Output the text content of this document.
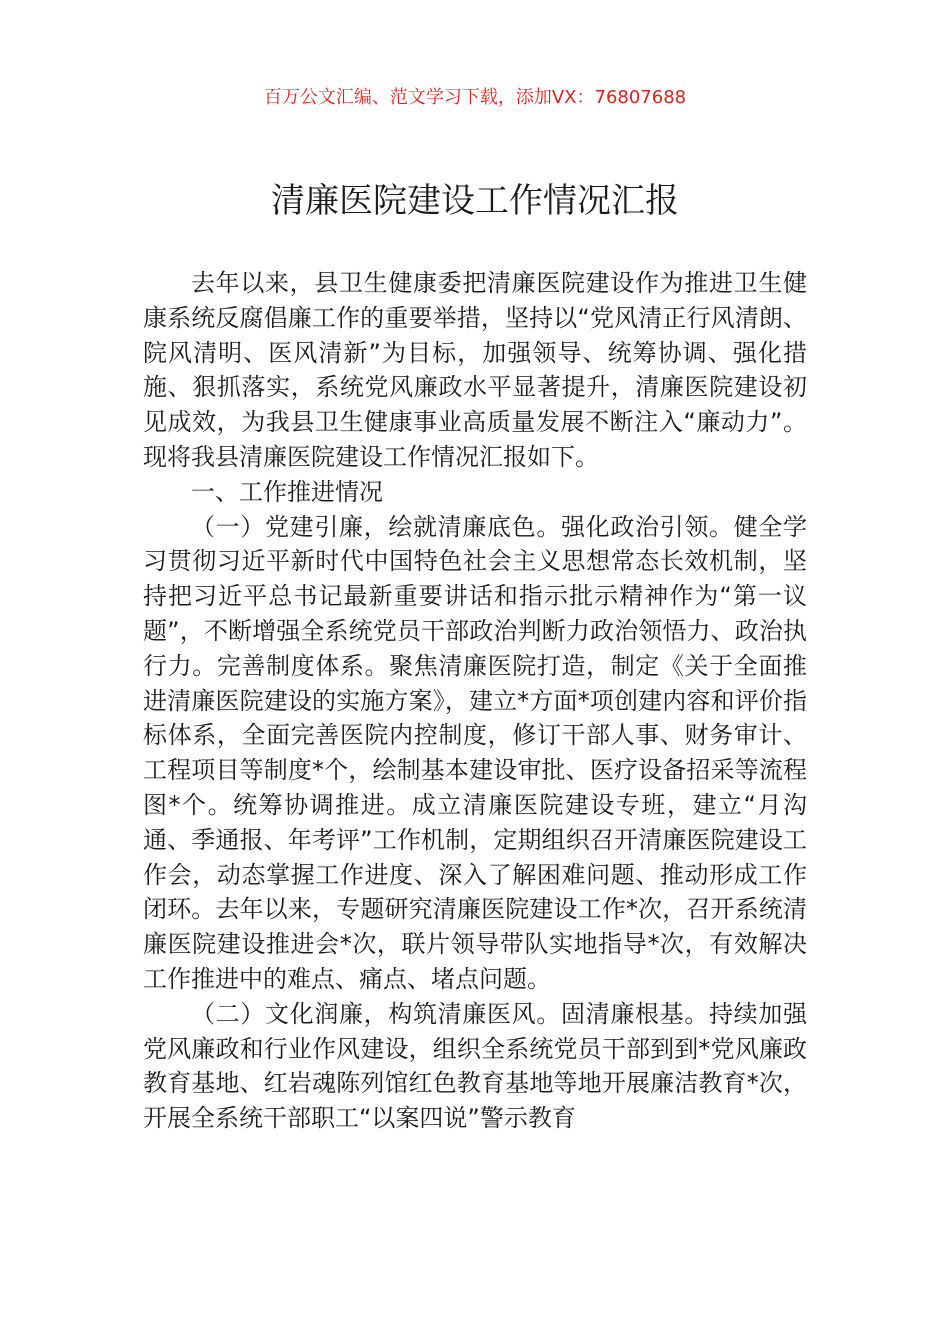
百万公文汇编、范文学习下载，添加VX：76807688
清廉医院建设工作情况汇报

去年以来，县卫生健康委把清廉医院建设作为推进卫生健康系统反腐倡廉工作的重要举措，坚持以“党风清正行风清朗、院风清明、医风清新”为目标，加强领导、统筹协调、强化措施、狠抓落实，系统党风廉政水平显著提升，清廉医院建设初见成效，为我县卫生健康事业高质量发展不断注入“廉动力”。现将我县清廉医院建设工作情况汇报如下。

一、工作推进情况

（一）党建引廉，绘就清廉底色。强化政治引领。健全学习贯彻习近平新时代中国特色社会主义思想常态长效机制，坚持把习近平总书记最新重要讲话和指示批示精神作为“第一议题”，不断增强全系统党员干部政治判断力政治领悟力、政治执行力。完善制度体系。聚焦清廉医院打造，制定《关于全面推进清廉医院建设的实施方案》，建立*方面*项创建内容和评价指标体系，全面完善医院内控制度，修订干部人事、财务审计、工程项目等制度*个，绘制基本建设审批、医疗设备招采等流程图*个。统筹协调推进。成立清廉医院建设专班，建立“月沟通、季通报、年考评”工作机制，定期组织召开清廉医院建设工作会，动态掌握工作进度、深入了解困难问题、推动形成工作闭环。去年以来，专题研究清廉医院建设工作*次，召开系统清廉医院建设推进会*次，联片领导带队实地指导*次，有效解决工作推进中的难点、痛点、堵点问题。

（二）文化润廉，构筑清廉医风。固清廉根基。持续加强党风廉政和行业作风建设，组织全系统党员干部到到*党风廉政教育基地、红岩魂陈列馆红色教育基地等地开展廉洁教育*次，开展全系统干部职工“以案四说”警示教育
